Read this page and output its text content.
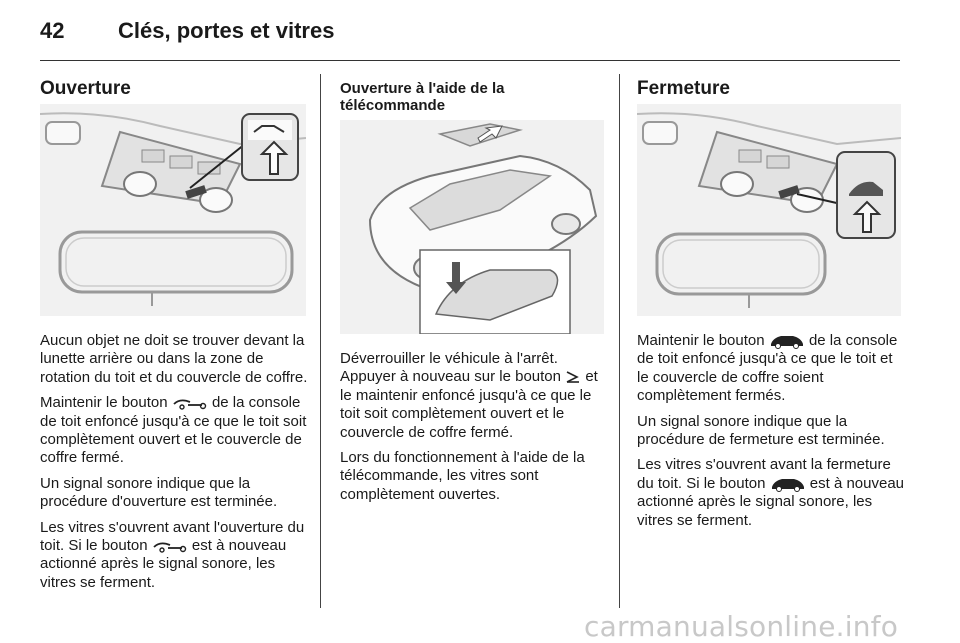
42	Clés, portes et vitres
Ouverture

Aucun objet ne doit se trouver devant la lunette arrière ou dans la zone de rotation du toit et du couvercle de coffre.

Maintenir le bouton	de la console de toit enfoncé jusqu'à ce que le toit soit complètement ouvert et le couvercle de coffre fermé.

Un signal sonore indique que la procédure d'ouverture est terminée.

Les vitres s'ouvrent avant l'ouverture du toit. Si le bouton	est à nouveau actionné après le signal sonore, les vitres se ferment.

Ouverture à l'aide de la télécommande

Déverrouiller le véhicule à l'arrêt. Appuyer à nouveau sur le bouton et le maintenir enfoncé jusqu'à ce que le toit soit complètement ouvert et le couvercle de coffre fermé.

Lors du fonctionnement à l'aide de la télécommande, les vitres sont complètement ouvertes.

Fermeture

Maintenir le bouton	de la console de toit enfoncé jusqu'à ce que le toit et le couvercle de coffre soient complètement fermés.

Un signal sonore indique que la procédure de fermeture est terminée.

Les vitres s'ouvrent avant la fermeture du toit. Si le bouton	est à nouveau actionné après le signal sonore, les vitres se ferment.

carmanualsonline.info
